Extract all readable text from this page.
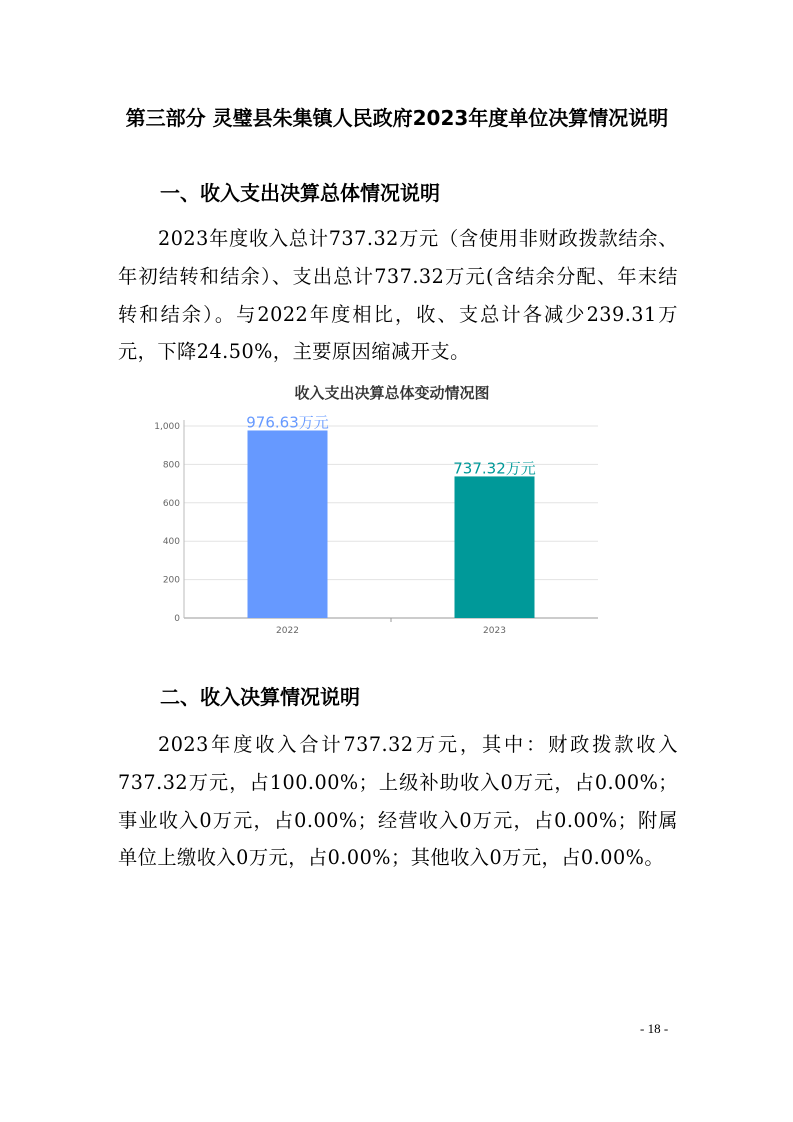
第三部分 灵璧县朱集镇人民政府2023年度单位决算情况说明
一、收入支出决算总体情况说明

2023年度收入总计737.32万元（含使用非财政拨款结余、年初结转和结余）、支出总计737.32万元(含结余分配、年末结转和结余）。与2022年度相比，收、支总计各减少239.31万元，下降24.50%，主要原因缩减开支。

收入支出决算总体变动情况图
0
200
400
600
800
1,000	976.63万元
737.32万元
2022	2023
二、收入决算情况说明

2023年度收入合计737.32万元，其中：财政拨款收入737.32万元，占100.00%；上级补助收入0万元，占0.00%；事业收入0万元，占0.00%；经营收入0万元，占0.00%；附属单位上缴收入0万元，占0.00%；其他收入0万元，占0.00%。

- 18 -
